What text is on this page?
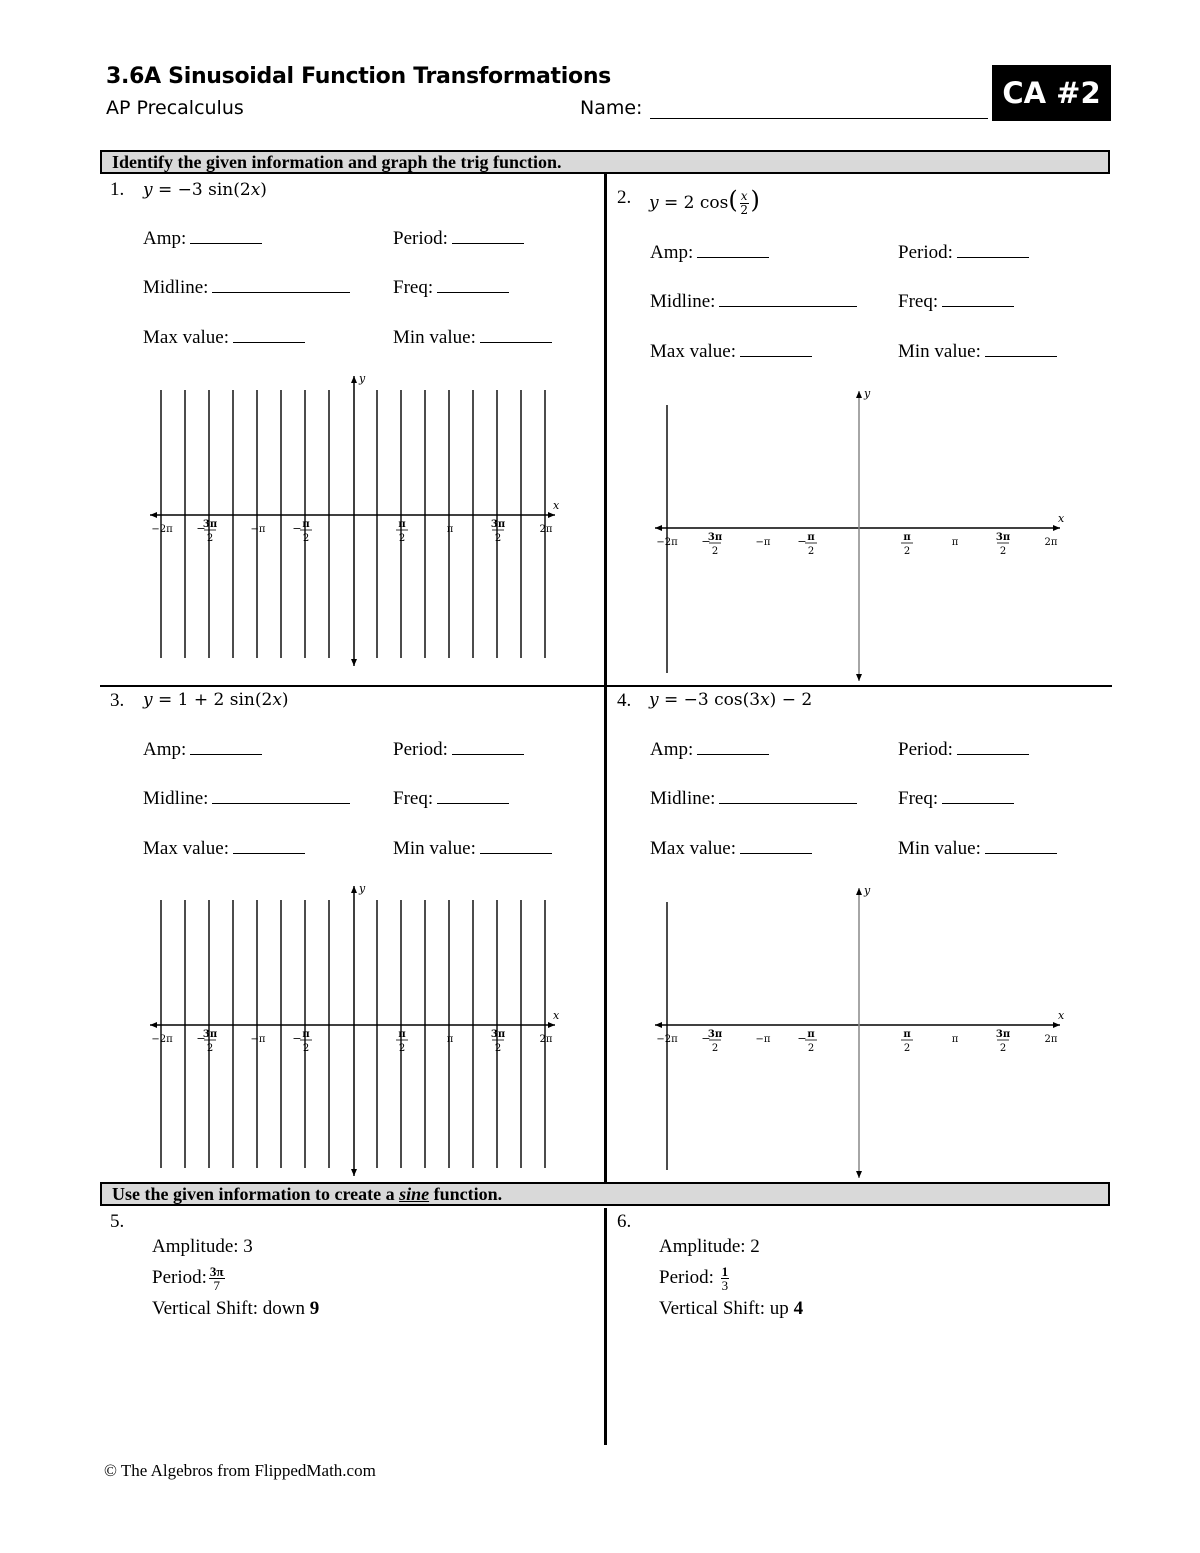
3.6A Sinusoidal Function Transformations
AP Precalculus	Name:	CA #2
Identify the given information and graph the trig function.
1. y = −3 sin(2x)
Amp:	Period:
Midline:	Freq:
Max value:	Min value:
x
y
−2π −
3π
2
−π − π
2
π
2
π	3π
2
2π
2. y = 2 $\cos( \frac{x}{2}$ )
Amp:	Period:
Midline:	Freq:
Max value:	Min value:
x
y
−2π −
3π
2
−π − π
2
π
2
π	3π
2
2π
3. y = 1 + 2 sin(2x)
Amp:	Period:
Midline:	Freq:
Max value:	Min value:
x
y
−2π −
3π
2
−π − π
2
π
2
π	3π
2
2π
4. y = −3 cos(3x) − 2
Amp:	Period:
Midline:	Freq:
Max value:	Min value:
x
y
−2π −
3π
2
−π − π
2
π
2
π	3π
2
2π
Use the given information to create a sine function.
5.
Amplitude: 3
Period: $\frac{3\pi}{7}$
Vertical Shift: down 9
6.
Amplitude: 2
Period: $\frac{1}{3}$
Vertical Shift: up 4
© The Algebros from FlippedMath.com
